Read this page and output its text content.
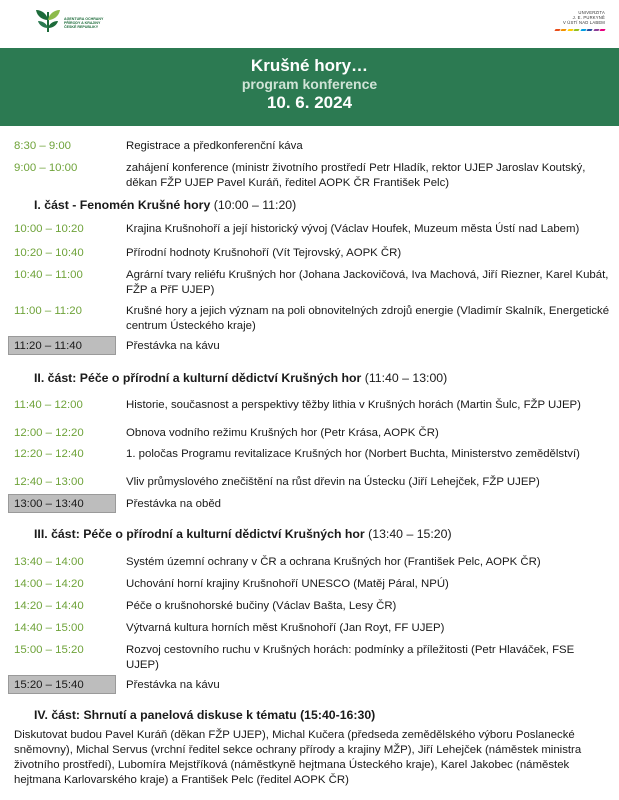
AGENTURA OCHRANY
PŘÍRODY A KRAJINY
ČESKÉ REPUBLIKY
UNIVERZITA
J. E. PURKYNĚ
V ÚSTÍ NAD LABEM
Krušné hory…
program konference
10. 6. 2024
8:30 – 9:00	Registrace a předkonferenční káva
9:00 – 10:00	zahájení konference (ministr životního prostředí Petr Hladík, rektor UJEP Jaroslav Koutský, děkan FŽP UJEP Pavel Kuráň, ředitel AOPK ČR František Pelc)
I. část - Fenomén Krušné hory (10:00 – 11:20)
10:00 – 10:20	Krajina Krušnohoří a její historický vývoj (Václav Houfek, Muzeum města Ústí nad Labem)
10:20 – 10:40	Přírodní hodnoty Krušnohoří (Vít Tejrovský, AOPK ČR)
10:40 – 11:00	Agrární tvary reliéfu Krušných hor (Johana Jackovičová, Iva Machová, Jiří Riezner, Karel Kubát, FŽP a PřF UJEP)
11:00 – 11:20	Krušné hory a jejich význam na poli obnovitelných zdrojů energie (Vladimír Skalník, Energetické centrum Ústeckého kraje)
11:20 – 11:40	Přestávka na kávu
II. část: Péče o přírodní a kulturní dědictví Krušných hor (11:40 – 13:00)
11:40 – 12:00	Historie, současnost a perspektivy těžby lithia v Krušných horách (Martin Šulc, FŽP UJEP)
12:00 – 12:20	Obnova vodního režimu Krušných hor (Petr Krása, AOPK ČR)
12:20 – 12:40	1. poločas Programu revitalizace Krušných hor (Norbert Buchta, Ministerstvo zemědělství)
12:40 – 13:00	Vliv průmyslového znečištění na růst dřevin na Ústecku (Jiří Lehejček, FŽP UJEP)
13:00 – 13:40	Přestávka na oběd
III. část: Péče o přírodní a kulturní dědictví Krušných hor (13:40 – 15:20)
13:40 – 14:00	Systém územní ochrany v ČR a ochrana Krušných hor (František Pelc, AOPK ČR)
14:00 – 14:20	Uchování horní krajiny Krušnohoří UNESCO (Matěj Páral, NPÚ)
14:20 – 14:40	Péče o krušnohorské bučiny (Václav Bašta, Lesy ČR)
14:40 – 15:00	Výtvarná kultura horních měst Krušnohoří (Jan Royt, FF UJEP)
15:00 – 15:20	Rozvoj cestovního ruchu v Krušných horách: podmínky a příležitosti (Petr Hlaváček, FSE UJEP)
15:20 – 15:40	Přestávka na kávu
IV. část: Shrnutí a panelová diskuse k tématu (15:40-16:30)
Diskutovat budou Pavel Kuráň (děkan FŽP UJEP), Michal Kučera (předseda zemědělského výboru Poslanecké sněmovny), Michal Servus (vrchní ředitel sekce ochrany přírody a krajiny MŽP), Jiří Lehejček (náměstek ministra životního prostředí), Lubomíra Mejstříková (náměstkyně hejtmana Ústeckého kraje), Karel Jakobec (náměstek hejtmana Karlovarského kraje) a František Pelc (ředitel AOPK ČR)
